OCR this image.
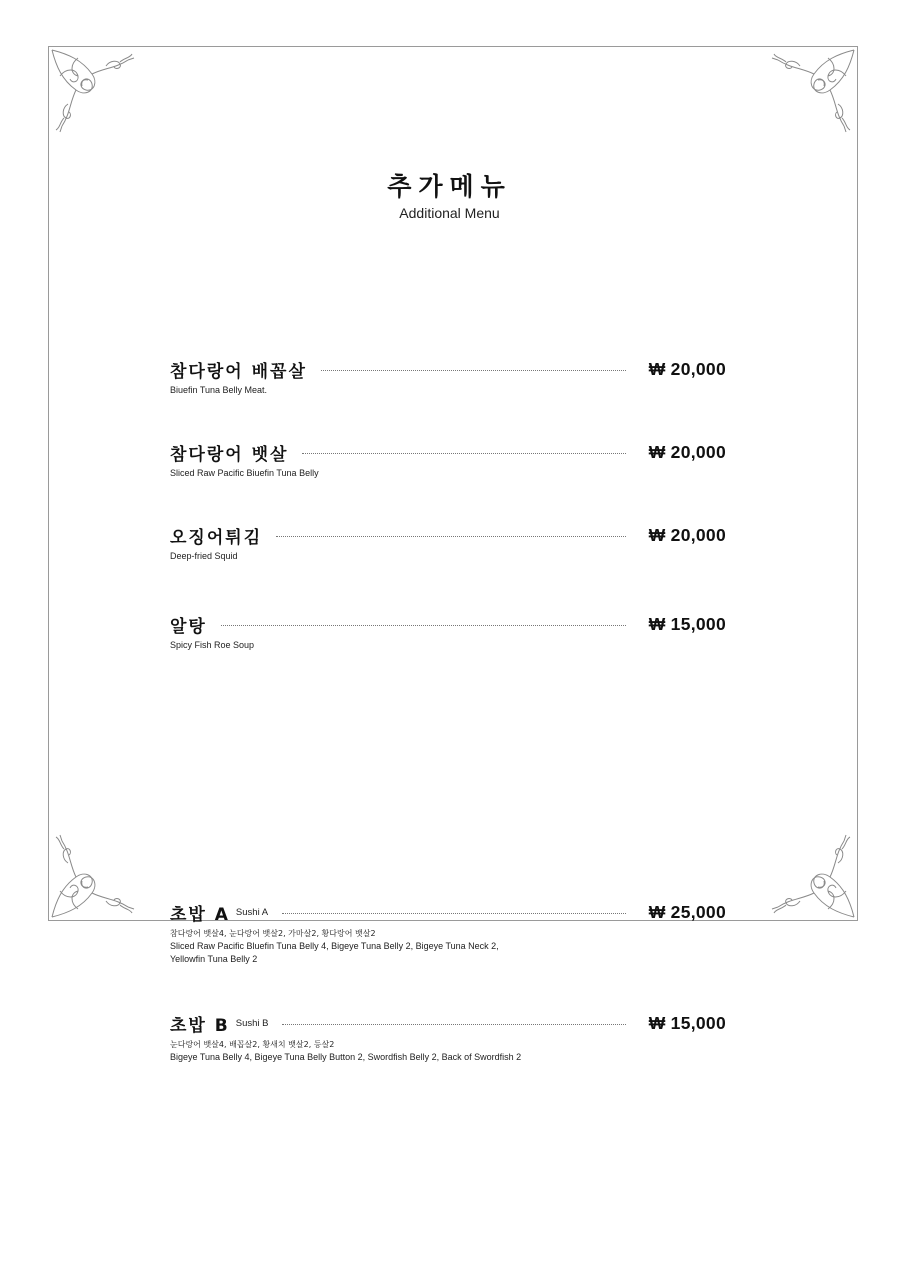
추가메뉴
Additional Menu
참다랑어 배꼽살	₩ 20,000
Biuefin Tuna Belly Meat.
참다랑어 뱃살	₩ 20,000
Sliced Raw Pacific Biuefin Tuna Belly
오징어튀김	₩ 20,000
Deep-fried Squid
알탕	₩ 15,000
Spicy Fish Roe Soup
초밥 A Sushi A	₩ 25,000
참다랑어 뱃살4, 눈다랑어 뱃살2, 가마살2, 황다랑어 뱃살2
Sliced Raw Pacific Bluefin Tuna Belly 4, Bigeye Tuna Belly 2, Bigeye Tuna Neck 2,
Yellowfin Tuna Belly 2
초밥 B Sushi B	₩ 15,000
눈다랑어 뱃살4, 배꼽살2, 황새치 뱃살2, 등살2
Bigeye Tuna Belly 4, Bigeye Tuna Belly Button 2, Swordfish Belly 2, Back of Swordfish 2
